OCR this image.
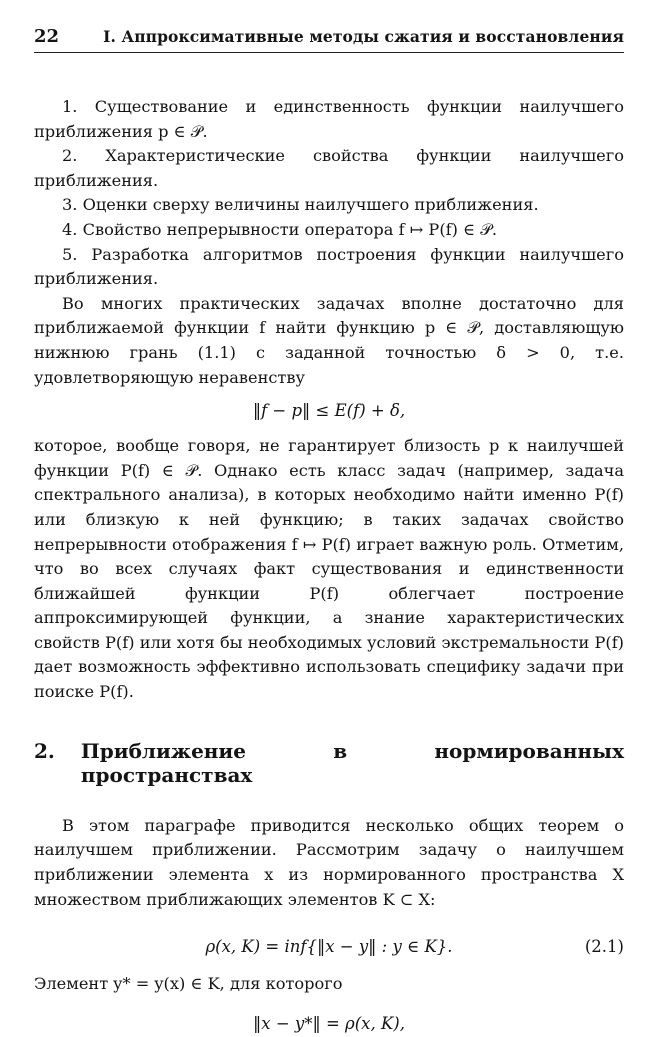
22	I. Аппроксимативные методы сжатия и восстановления

1. Существование и единственность функции наилучшего приближения p ∈ 𝒫.

2. Характеристические свойства функции наилучшего приближения.

3. Оценки сверху величины наилучшего приближения.

4. Свойство непрерывности оператора f ↦ P(f) ∈ 𝒫.

5. Разработка алгоритмов построения функции наилучшего приближения.

Во многих практических задачах вполне достаточно для приближаемой функции f найти функцию p ∈ 𝒫, доставляющую нижнюю грань (1.1) с заданной точностью δ > 0, т.е. удовлетворяющую неравенству

‖f − p‖ ≤ E(f) + δ,

которое, вообще говоря, не гарантирует близость p к наилучшей функции P(f) ∈ 𝒫. Однако есть класс задач (например, задача спектрального анализа), в которых необходимо найти именно P(f) или близкую к ней функцию; в таких задачах свойство непрерывности отображения f ↦ P(f) играет важную роль. Отметим, что во всех случаях факт существования и единственности ближайшей функции P(f) облегчает построение аппроксимирующей функции, а знание характеристических свойств P(f) или хотя бы необходимых условий экстремальности P(f) дает возможность эффективно использовать специфику задачи при поиске P(f).

2. Приближение в нормированных пространствах

В этом параграфе приводится несколько общих теорем о наилучшем приближении. Рассмотрим задачу о наилучшем приближении элемента x из нормированного пространства X множеством приближающих элементов K ⊂ X:

ρ(x, K) = inf{‖x − y‖ : y ∈ K}.	(2.1)

Элемент y* = y(x) ∈ K, для которого

‖x − y*‖ = ρ(x, K),
